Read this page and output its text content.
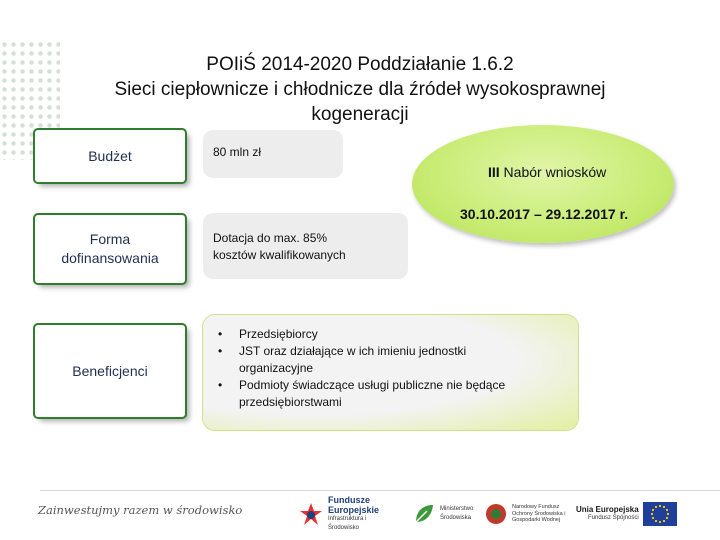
POIiŚ 2014-2020 Poddziałanie 1.6.2
Sieci ciepłownicze i chłodnicze dla źródeł wysokosprawnej
kogeneracji
Budżet	80 mln zł
III Nabór wniosków
30.10.2017 – 29.12.2017 r.
Forma
dofinansowania
Dotacja do max. 85%
kosztów kwalifikowanych
Beneficjenci
• Przedsiębiorcy
• JST oraz działające w ich imieniu jednostki organizacyjne
• Podmioty świadczące usługi publiczne nie będące przedsiębiorstwami
Zainwestujmy razem w środowisko
Fundusze Europejskie
Infrastruktura i Środowisko
Ministerstwo Środowiska
Narodowy Fundusz Ochrony Środowiska i Gospodarki Wodnej
Unia Europejska
Fundusz Spójności
